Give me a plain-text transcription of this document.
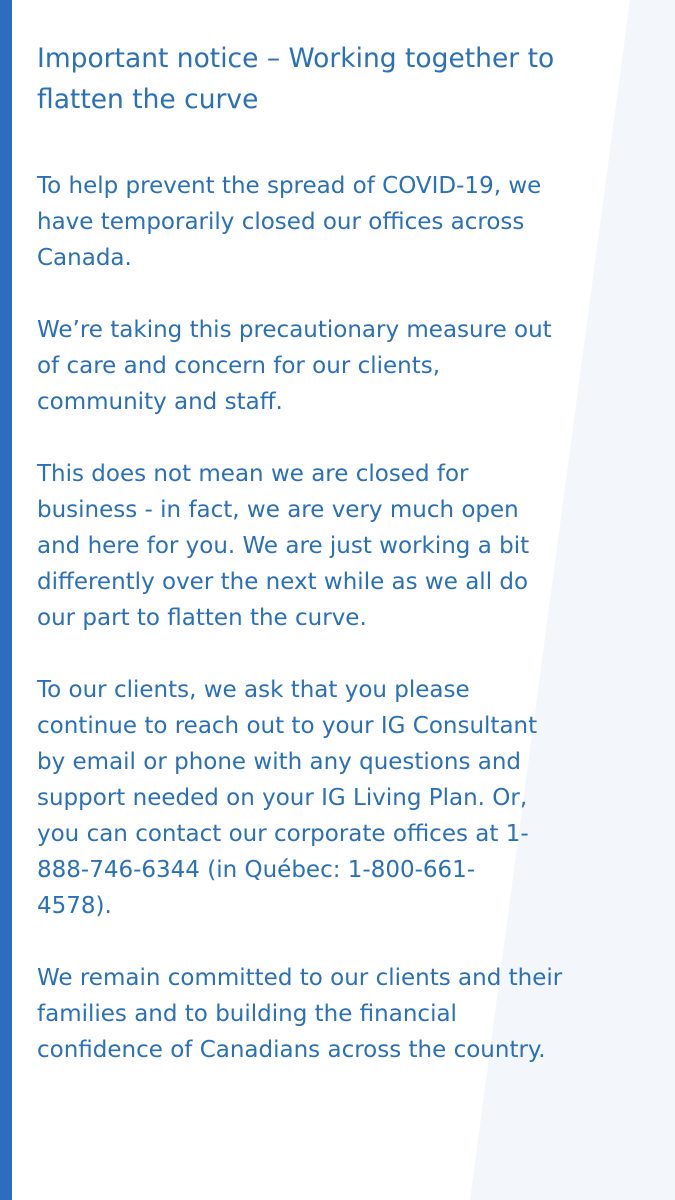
Important notice – Working together to flatten the curve

To help prevent the spread of COVID-19, we
have temporarily closed our offices across
Canada.

We’re taking this precautionary measure out
of care and concern for our clients,
community and staff.

This does not mean we are closed for
business - in fact, we are very much open
and here for you. We are just working a bit
differently over the next while as we all do
our part to flatten the curve.

To our clients, we ask that you please
continue to reach out to your IG Consultant
by email or phone with any questions and
support needed on your IG Living Plan. Or,
you can contact our corporate offices at 1-
888-746-6344 (in Québec: 1-800-661-
4578).

We remain committed to our clients and their
families and to building the financial
confidence of Canadians across the country.
